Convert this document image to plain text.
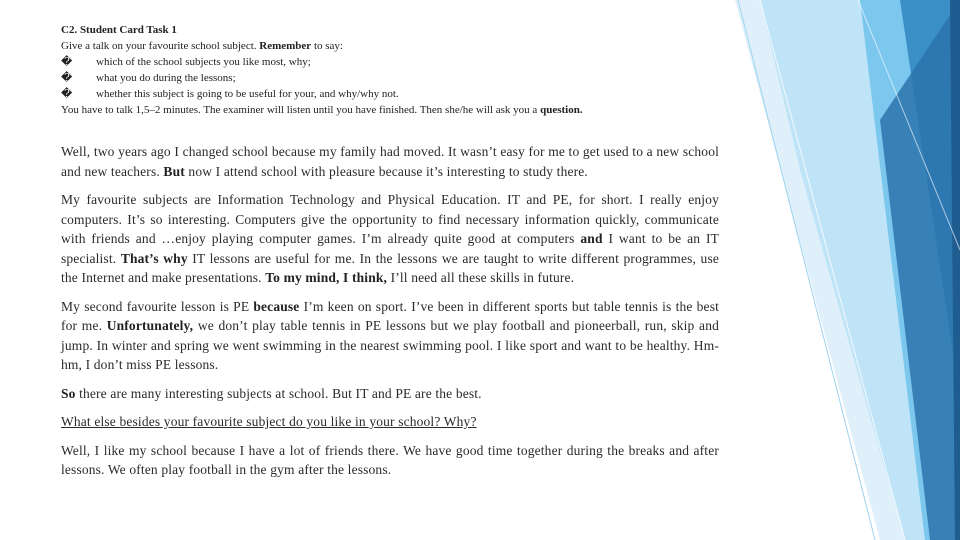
C2. Student Card Task 1
Give a talk on your favourite school subject. Remember to say:
�	which of the school subjects you like most, why;
�	what you do during the lessons;
�	whether this subject is going to be useful for your, and why/why not.
You have to talk 1,5–2 minutes. The examiner will listen until you have finished. Then she/he will ask you a question.

Well, two years ago I changed school because my family had moved. It wasn’t easy for me to get used to a new school and new teachers. But now I attend school with pleasure because it’s interesting to study there.

My favourite subjects are Information Technology and Physical Education. IT and PE, for short. I really enjoy computers. It’s so interesting. Computers give the opportunity to find necessary information quickly, communicate with friends and …enjoy playing computer games. I’m already quite good at computers and I want to be an IT specialist. That’s why IT lessons are useful for me. In the lessons we are taught to write different programmes, use the Internet and make presentations. To my mind, I think, I’ll need all these skills in future.

My second favourite lesson is PE because I’m keen on sport. I’ve been in different sports but table tennis is the best for me. Unfortunately, we don’t play table tennis in PE lessons but we play football and pioneerball, run, skip and jump. In winter and spring we went swimming in the nearest swimming pool. I like sport and want to be healthy. Hm-hm, I don’t miss PE lessons.

So there are many interesting subjects at school. But IT and PE are the best.

What else besides your favourite subject do you like in your school? Why?

Well, I like my school because I have a lot of friends there. We have good time together during the breaks and after lessons. We often play football in the gym after the lessons.
